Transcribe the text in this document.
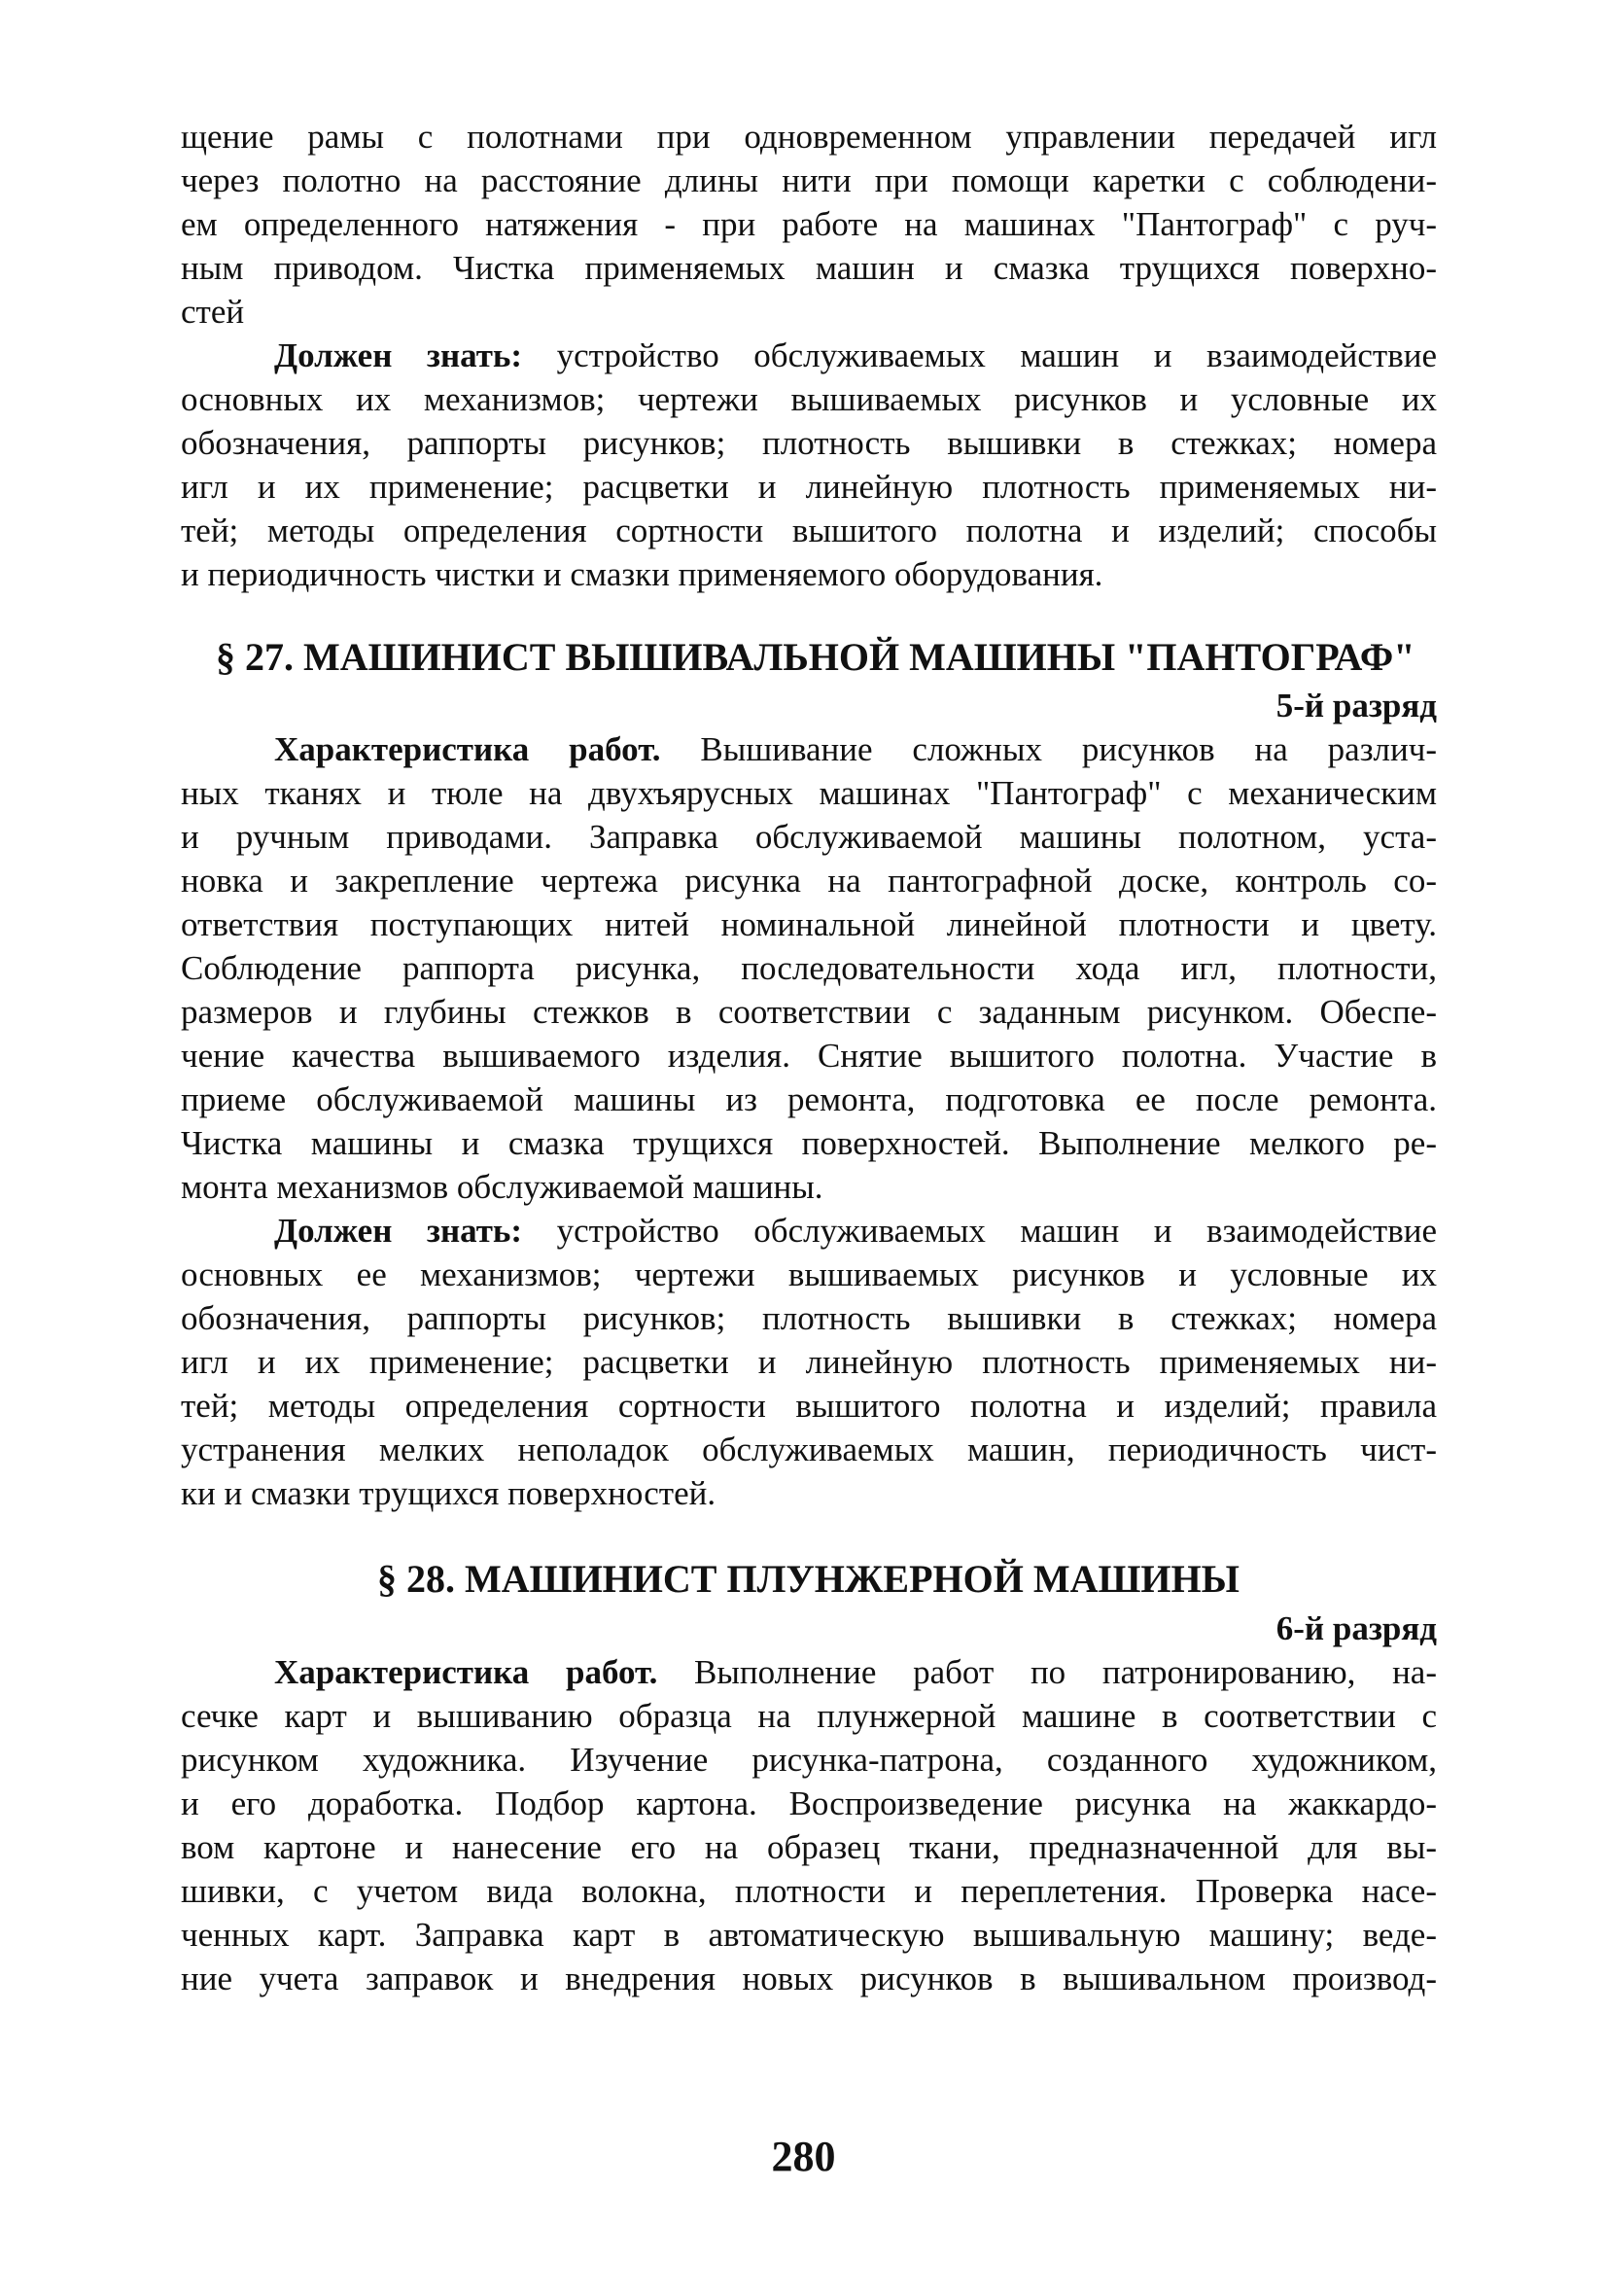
щение рамы с полотнами при одновременном управлении передачей игл
через полотно на расстояние длины нити при помощи каретки с соблюдени-
ем определенного натяжения - при работе на машинах "Пантограф" с руч-
ным приводом. Чистка применяемых машин и смазка трущихся поверхно-
стей
Должен знать: устройство обслуживаемых машин и взаимодействие
основных их механизмов; чертежи вышиваемых рисунков и условные их
обозначения, раппорты рисунков; плотность вышивки в стежках; номера
игл и их применение; расцветки и линейную плотность применяемых ни-
тей; методы определения сортности вышитого полотна и изделий; способы
и периодичность чистки и смазки применяемого оборудования.
§ 27. МАШИНИСТ ВЫШИВАЛЬНОЙ МАШИНЫ "ПАНТОГРАФ"
5-й разряд
Характеристика работ. Вышивание сложных рисунков на различ-
ных тканях и тюле на двухъярусных машинах "Пантограф" с механическим
и ручным приводами. Заправка обслуживаемой машины полотном, уста-
новка и закрепление чертежа рисунка на пантографной доске, контроль со-
ответствия поступающих нитей номинальной линейной плотности и цвету.
Соблюдение раппорта рисунка, последовательности хода игл, плотности,
размеров и глубины стежков в соответствии с заданным рисунком. Обеспе-
чение качества вышиваемого изделия. Снятие вышитого полотна. Участие в
приеме обслуживаемой машины из ремонта, подготовка ее после ремонта.
Чистка машины и смазка трущихся поверхностей. Выполнение мелкого ре-
монта механизмов обслуживаемой машины.
Должен знать: устройство обслуживаемых машин и взаимодействие
основных ее механизмов; чертежи вышиваемых рисунков и условные их
обозначения, раппорты рисунков; плотность вышивки в стежках; номера
игл и их применение; расцветки и линейную плотность применяемых ни-
тей; методы определения сортности вышитого полотна и изделий; правила
устранения мелких неполадок обслуживаемых машин, периодичность чист-
ки и смазки трущихся поверхностей.
§ 28. МАШИНИСТ ПЛУНЖЕРНОЙ МАШИНЫ
6-й разряд
Характеристика работ. Выполнение работ по патронированию, на-
сечке карт и вышиванию образца на плунжерной машине в соответствии с
рисунком художника. Изучение рисунка-патрона, созданного художником,
и его доработка. Подбор картона. Воспроизведение рисунка на жаккардо-
вом картоне и нанесение его на образец ткани, предназначенной для вы-
шивки, с учетом вида волокна, плотности и переплетения. Проверка насе-
ченных карт. Заправка карт в автоматическую вышивальную машину; веде-
ние учета заправок и внедрения новых рисунков в вышивальном производ-
280
